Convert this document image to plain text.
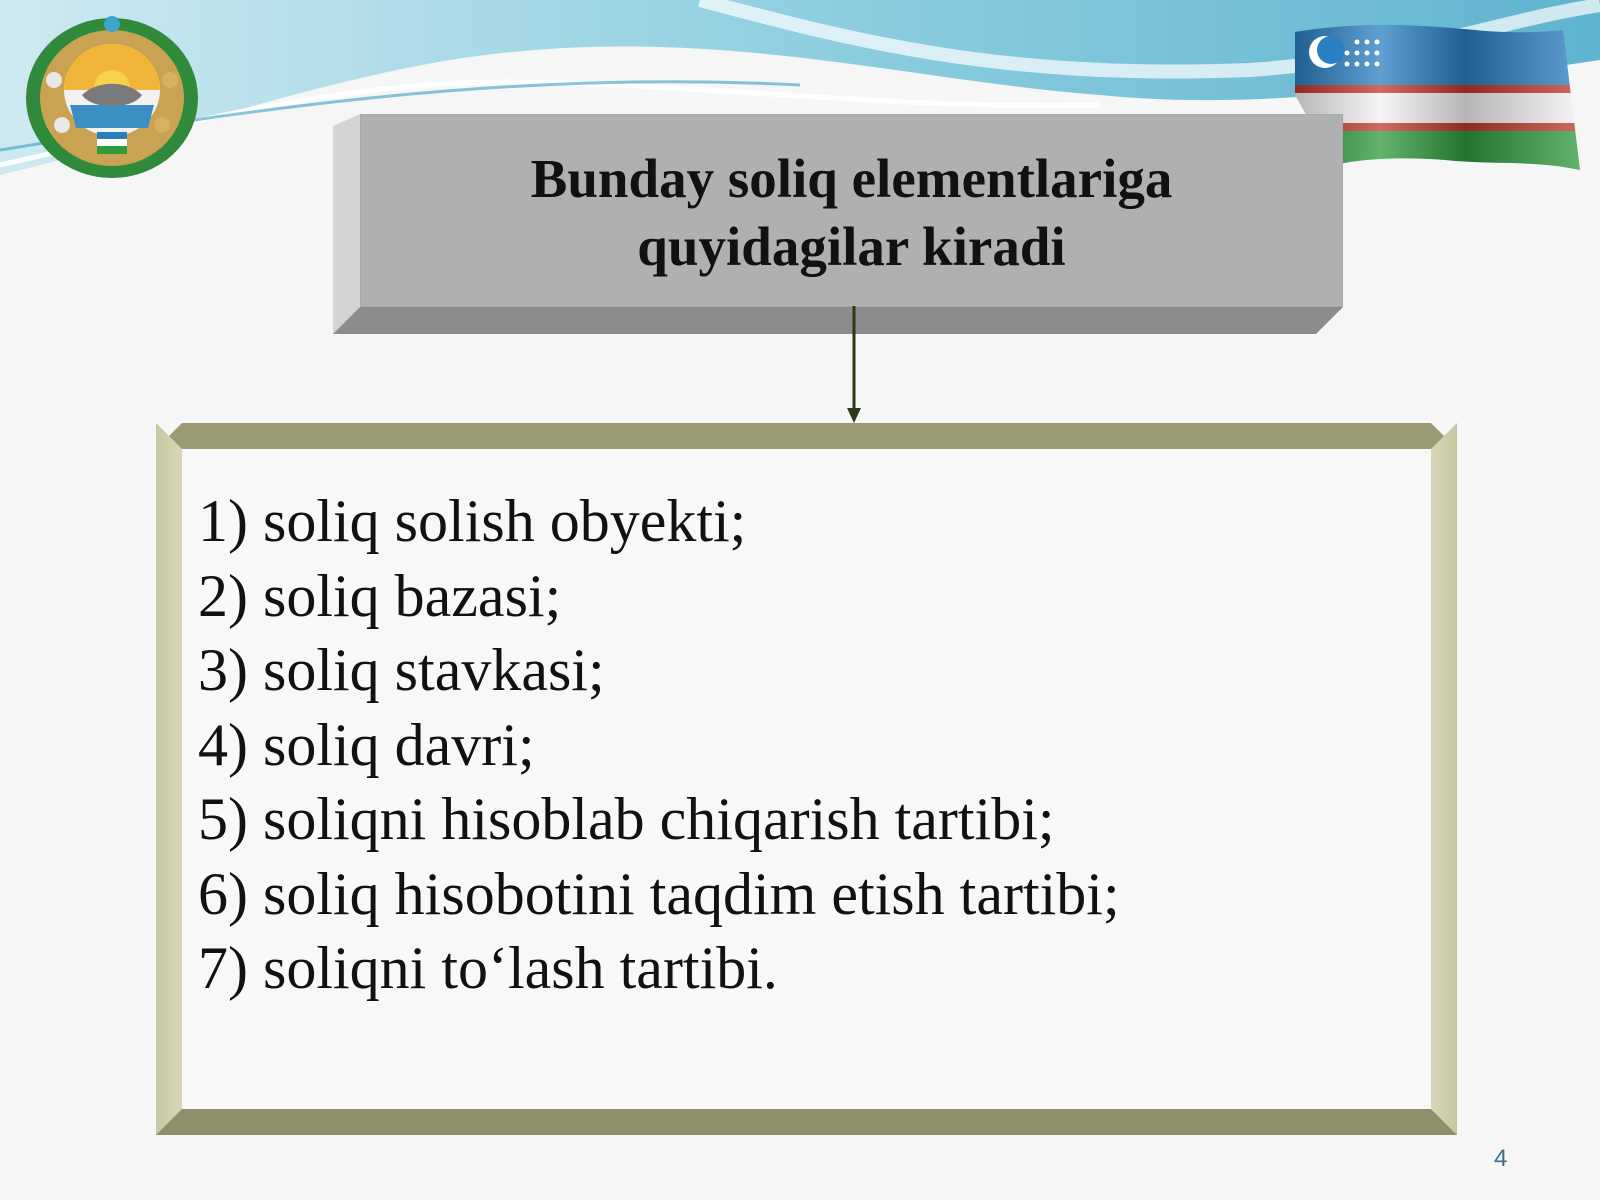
Bunday soliq elementlariga
quyidagilar kiradi
1) soliq solish obyekti;
2) soliq bazasi;
3) soliq stavkasi;
4) soliq davri;
5) soliqni hisoblab chiqarish tartibi;
6) soliq hisobotini taqdim etish tartibi;
7) soliqni to‘lash tartibi.
4
